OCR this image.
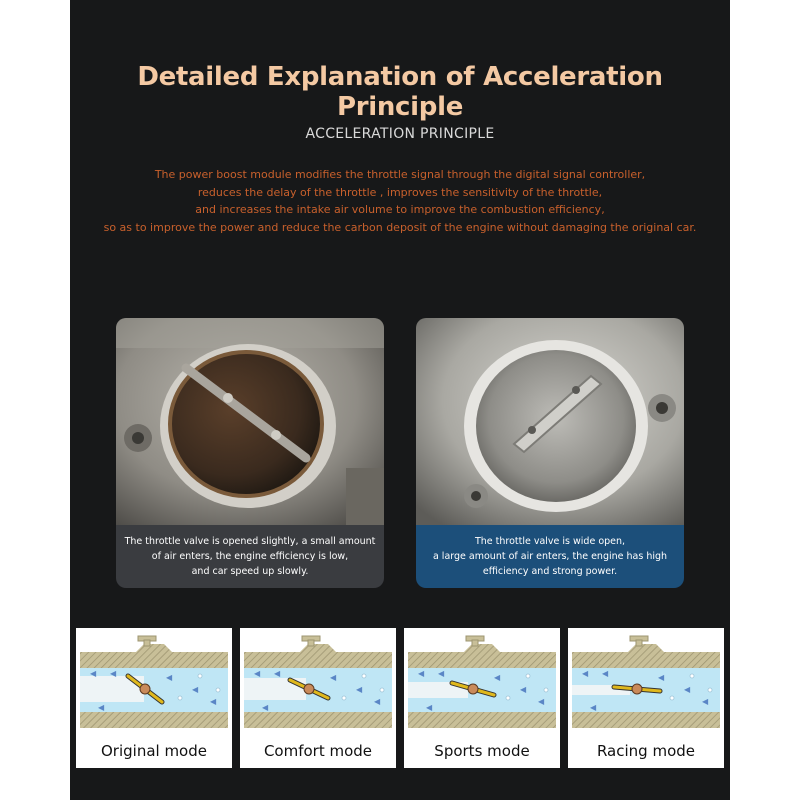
Detailed Explanation of Acceleration Principle
ACCELERATION PRINCIPLE
The power boost module modifies the throttle signal through the digital signal controller,
reduces the delay of the throttle , improves the sensitivity of the throttle,
and increases the intake air volume to improve the combustion efficiency,
so as to improve the power and reduce the carbon deposit of the engine without damaging the original car.
The throttle valve is opened slightly, a small amount
of air enters, the engine efficiency is low,
and car speed up slowly.
The throttle valve is wide open,
a large amount of air enters, the engine has high
efficiency and strong power.
◀ ◀	◀
◀
◀
◀
Original mode
◀ ◀	◀
◀
◀
◀
Comfort mode
◀ ◀	◀
◀
◀
◀
Sports mode
◀ ◀	◀
◀
◀
◀
Racing mode
